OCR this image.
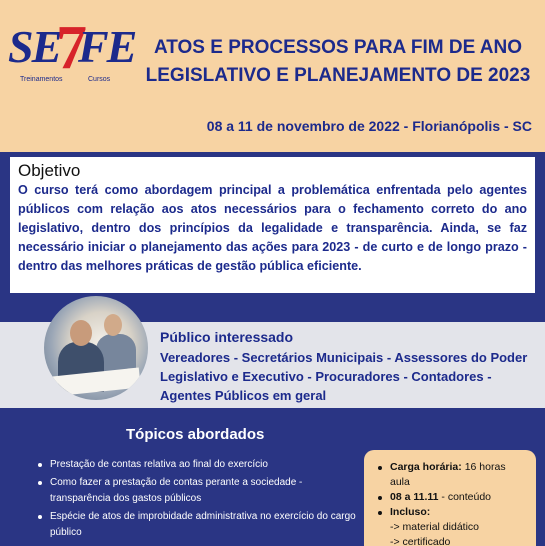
SE
7
FE
Treinamentos	Cursos
ATOS E PROCESSOS PARA FIM DE ANO
LEGISLATIVO E PLANEJAMENTO DE 2023
08 a 11 de novembro de 2022 - Florianópolis - SC
Objetivo

O curso terá como abordagem principal a problemática enfrentada pelo agentes públicos com relação aos atos necessários para o fechamento correto do ano legislativo, dentro dos princípios da legalidade e transparência. Ainda, se faz necessário iniciar o planejamento das ações para 2023 - de curto e de longo prazo - dentro das melhores práticas de gestão pública eficiente.

Público interessado
Vereadores - Secretários Municipais - Assessores do Poder Legislativo e Executivo - Procuradores - Contadores - Agentes Públicos em geral
Tópicos abordados
Prestação de contas relativa ao final do exercício
Como fazer a prestação de contas perante a sociedade - transparência dos gastos públicos
Espécie de atos de improbidade administrativa no exercício do cargo público
Carga horária: 16 horas aula
08 a 11.11 - conteúdo
Incluso:
-> material didático
-> certificado
